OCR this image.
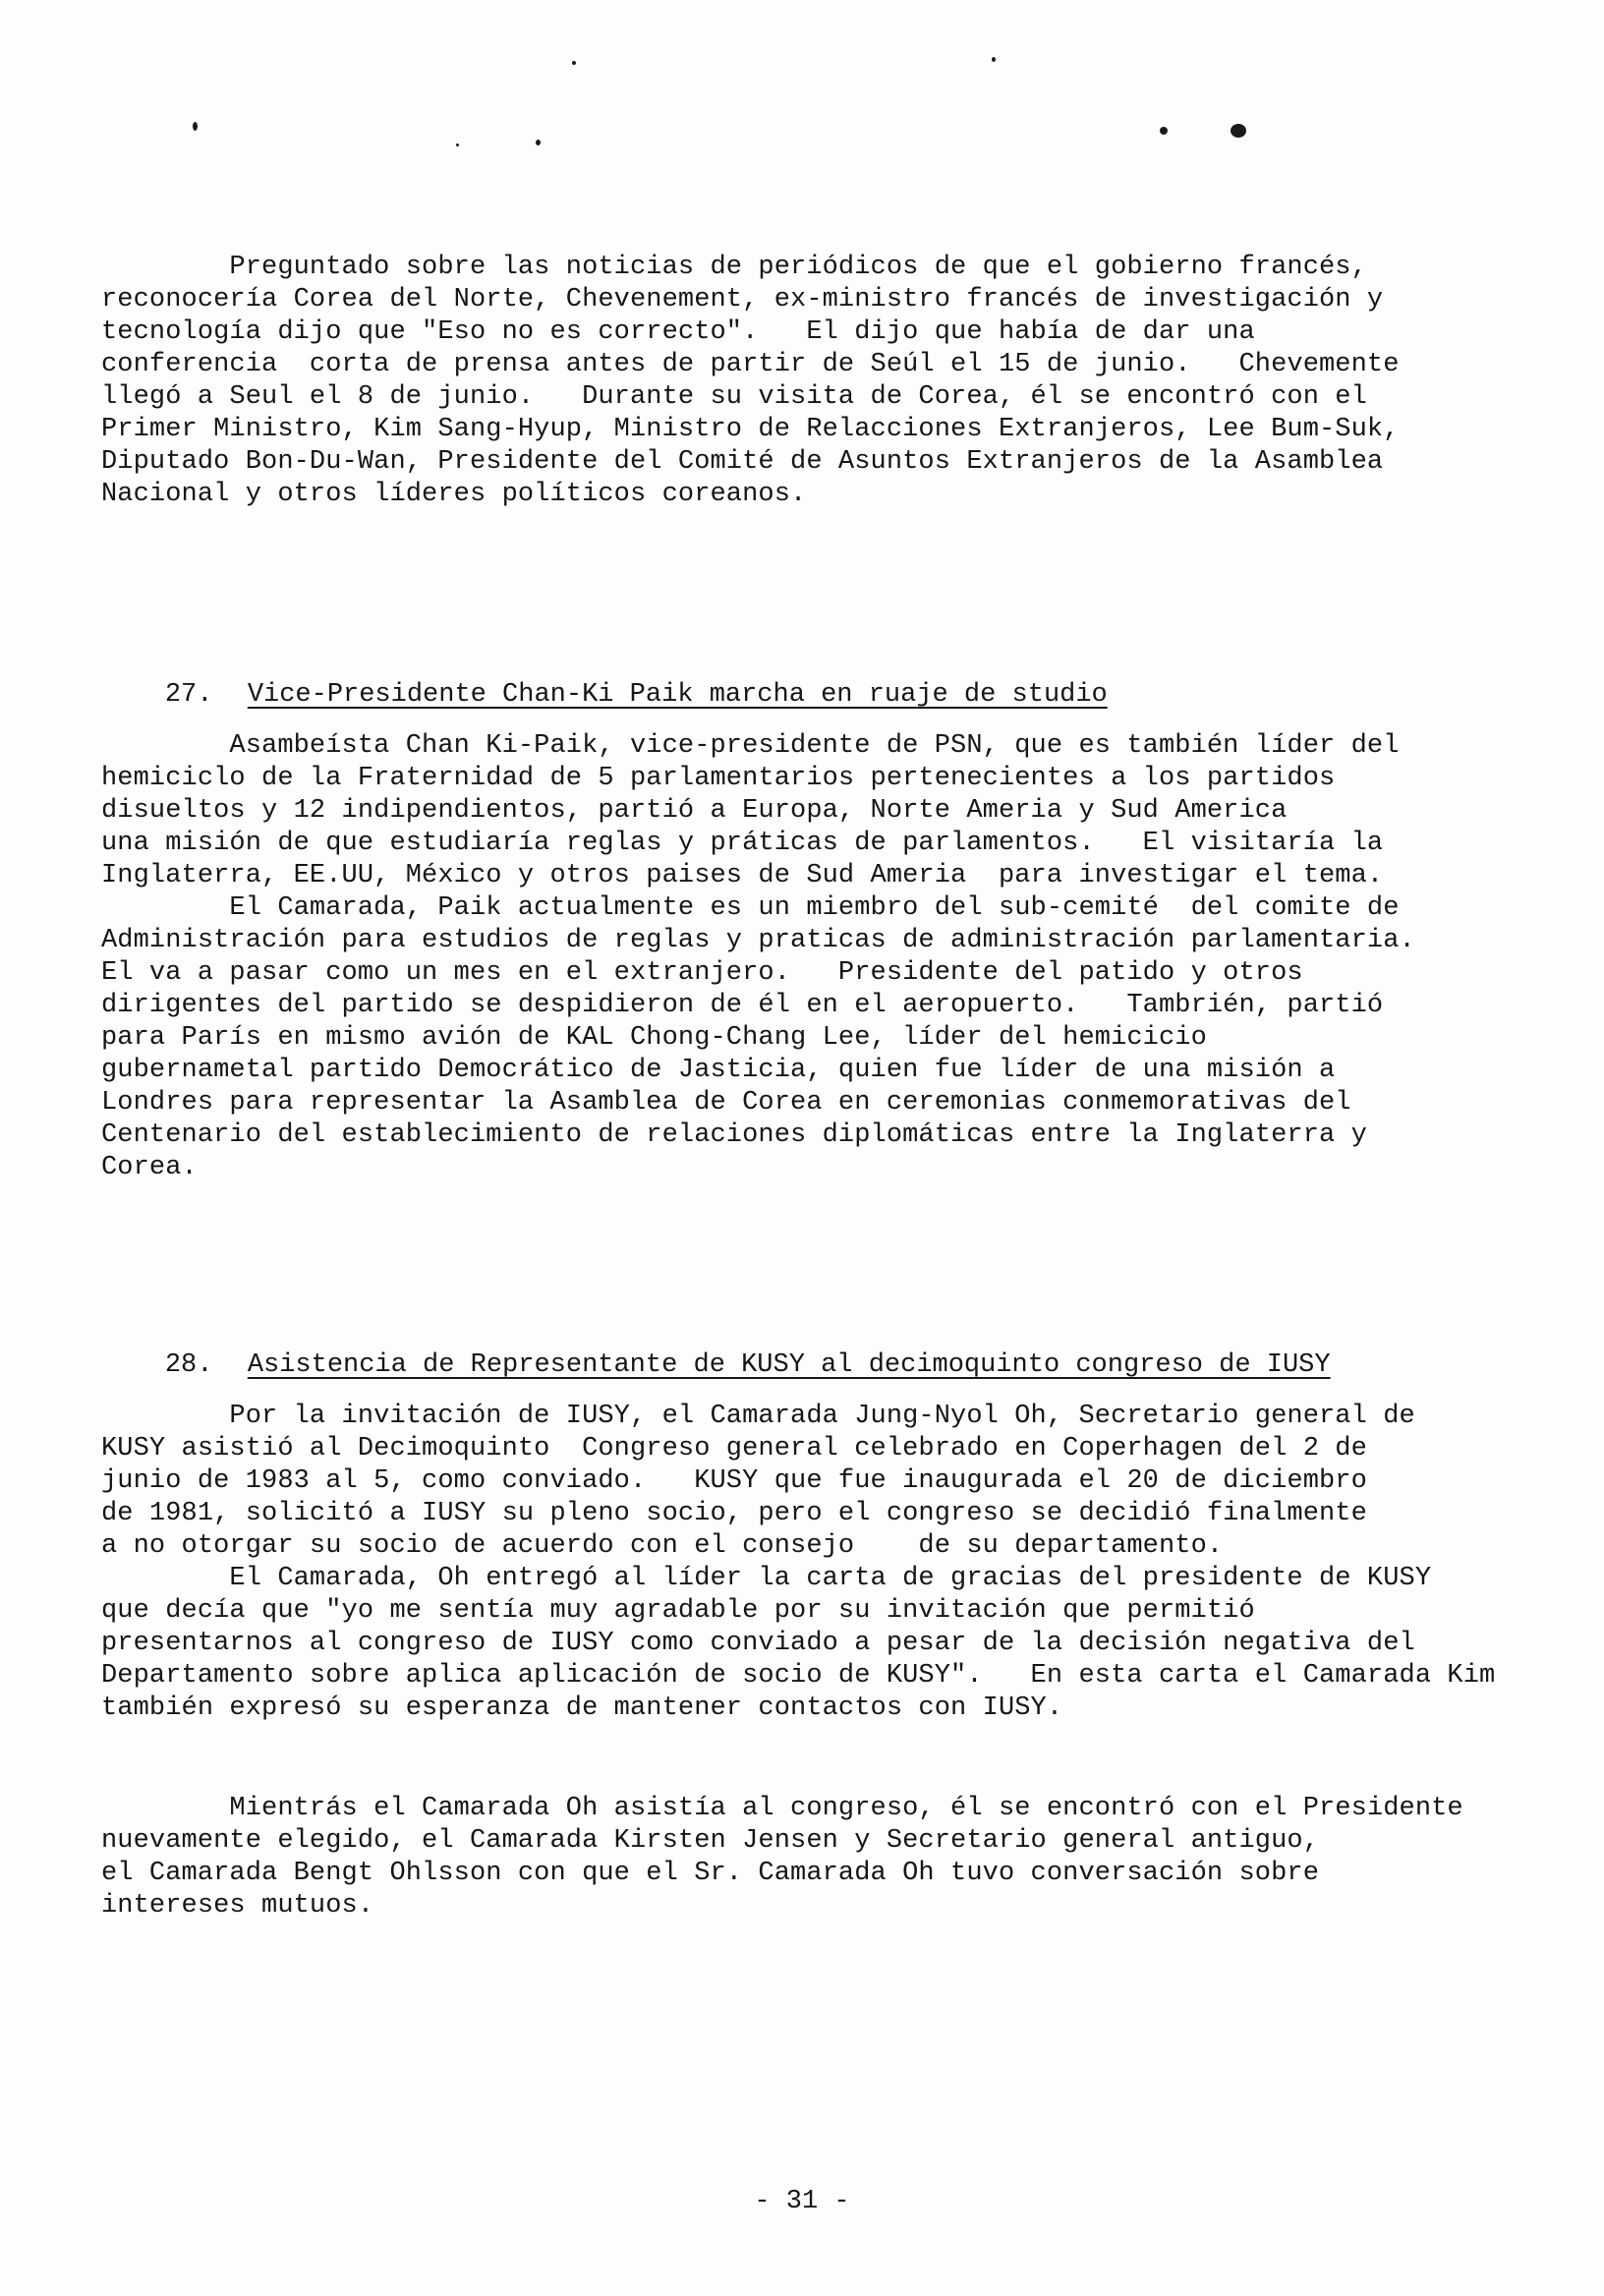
Preguntado sobre las noticias de periódicos de que el gobierno francés,
reconocería Corea del Norte, Chevenement, ex-ministro francés de investigación y
tecnología dijo que "Eso no es correcto".   El dijo que había de dar una
conferencia  corta de prensa antes de partir de Seúl el 15 de junio.   Chevemente
llegó a Seul el 8 de junio.   Durante su visita de Corea, él se encontró con el
Primer Ministro, Kim Sang-Hyup, Ministro de Relacciones Extranjeros, Lee Bum-Suk,
Diputado Bon-Du-Wan, Presidente del Comité de Asuntos Extranjeros de la Asamblea
Nacional y otros líderes políticos coreanos.

27. Vice-Presidente Chan-Ki Paik marcha en ruaje de studio

Asambeísta Chan Ki-Paik, vice-presidente de PSN, que es también líder del
hemiciclo de la Fraternidad de 5 parlamentarios pertenecientes a los partidos
disueltos y 12 indipendientos, partió a Europa, Norte Ameria y Sud America
una misión de que estudiaría reglas y práticas de parlamentos.   El visitaría la
Inglaterra, EE.UU, México y otros paises de Sud Ameria  para investigar el tema.
El Camarada, Paik actualmente es un miembro del sub-cemité  del comite de
Administración para estudios de reglas y praticas de administración parlamentaria.
El va a pasar como un mes en el extranjero.   Presidente del patido y otros
dirigentes del partido se despidieron de él en el aeropuerto.   Tambrién, partió
para París en mismo avión de KAL Chong-Chang Lee, líder del hemicicio
gubernametal partido Democrático de Jasticia, quien fue líder de una misión a
Londres para representar la Asamblea de Corea en ceremonias conmemorativas del
Centenario del establecimiento de relaciones diplomáticas entre la Inglaterra y
Corea.

28. Asistencia de Representante de KUSY al decimoquinto congreso de IUSY

Por la invitación de IUSY, el Camarada Jung-Nyol Oh, Secretario general de
KUSY asistió al Decimoquinto  Congreso general celebrado en Coperhagen del 2 de
junio de 1983 al 5, como conviado.   KUSY que fue inaugurada el 20 de diciembro
de 1981, solicitó a IUSY su pleno socio, pero el congreso se decidió finalmente
a no otorgar su socio de acuerdo con el consejo    de su departamento.
El Camarada, Oh entregó al líder la carta de gracias del presidente de KUSY
que decía que "yo me sentía muy agradable por su invitación que permitió
presentarnos al congreso de IUSY como conviado a pesar de la decisión negativa del
Departamento sobre aplica aplicación de socio de KUSY".   En esta carta el Camarada Kim
también expresó su esperanza de mantener contactos con IUSY.
Mientrás el Camarada Oh asistía al congreso, él se encontró con el Presidente
nuevamente elegido, el Camarada Kirsten Jensen y Secretario general antiguo,
el Camarada Bengt Ohlsson con que el Sr. Camarada Oh tuvo conversación sobre
intereses mutuos.
- 31 -
